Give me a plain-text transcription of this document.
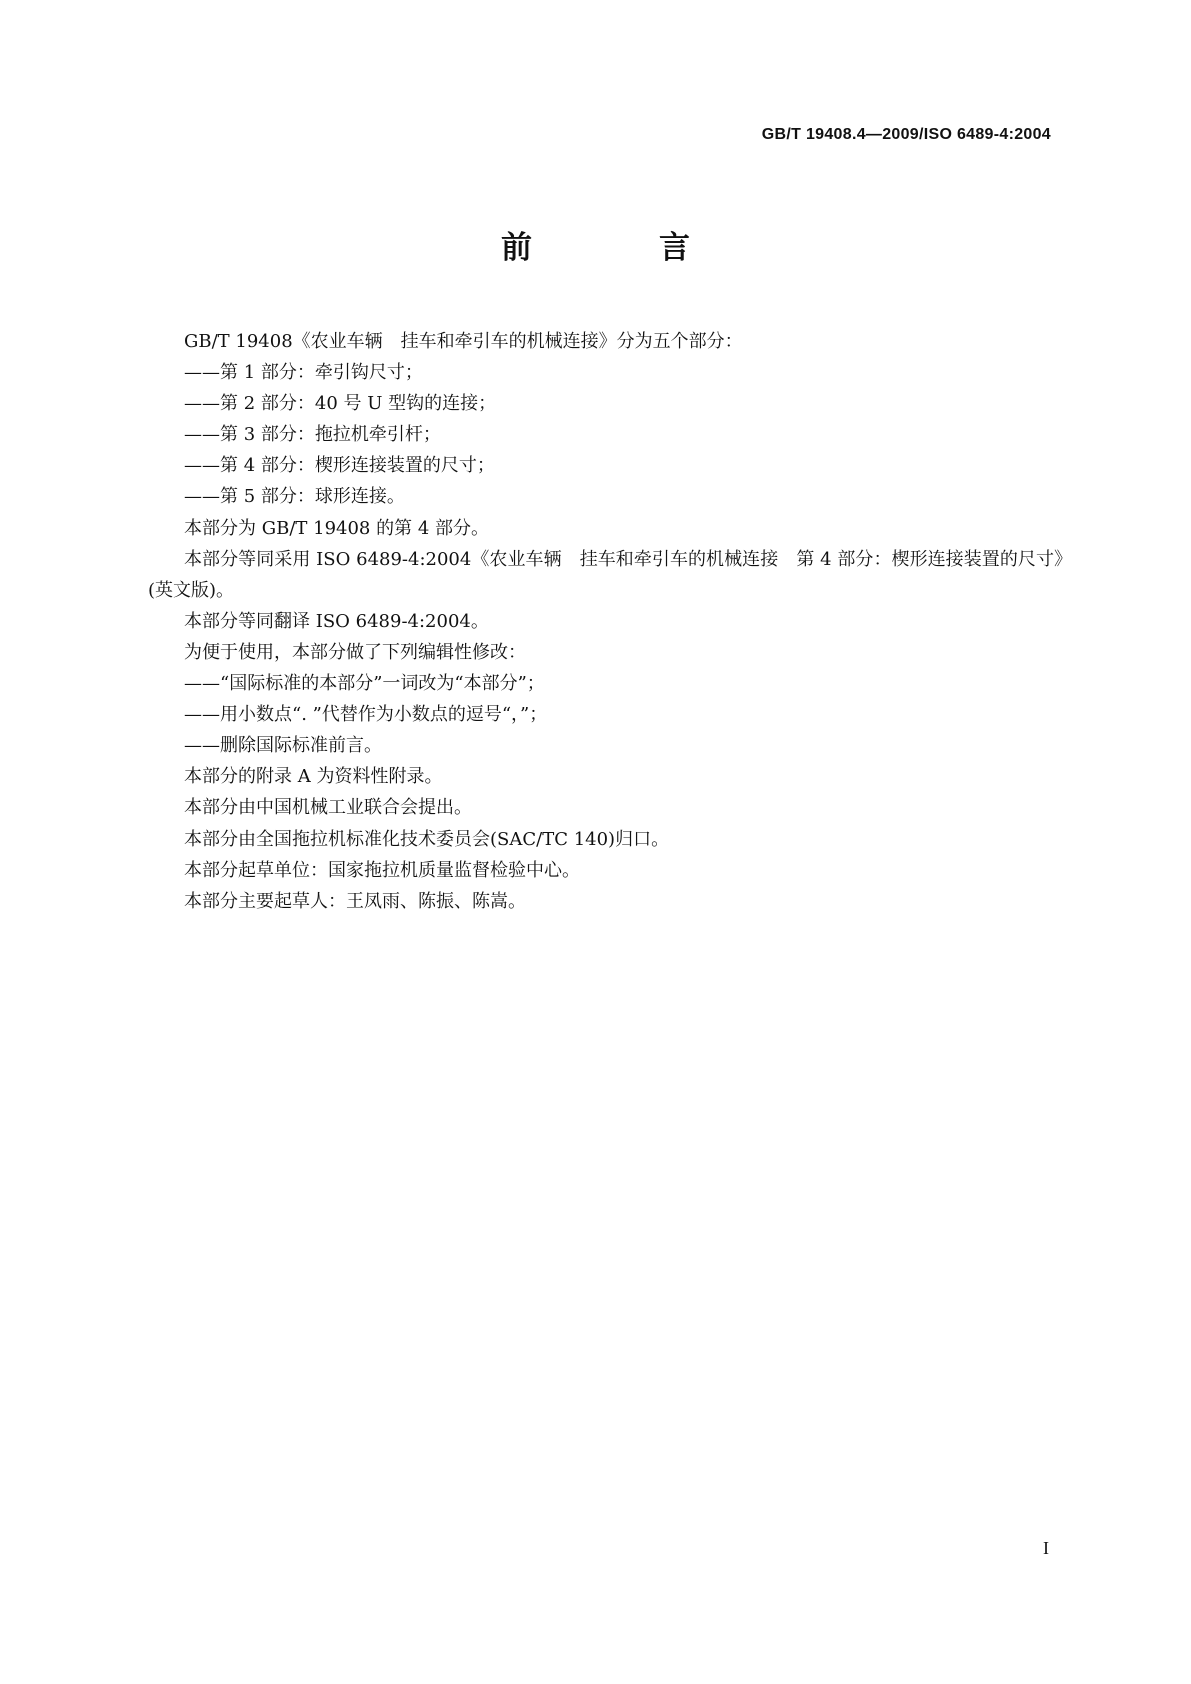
GB/T 19408.4—2009/ISO 6489-4:2004
前　言

GB/T 19408《农业车辆　挂车和牵引车的机械连接》分为五个部分：

——第 1 部分：牵引钩尺寸；

——第 2 部分：40 号 U 型钩的连接；

——第 3 部分：拖拉机牵引杆；

——第 4 部分：楔形连接装置的尺寸；

——第 5 部分：球形连接。

本部分为 GB/T 19408 的第 4 部分。

本部分等同采用 ISO 6489-4:2004《农业车辆　挂车和牵引车的机械连接　第 4 部分：楔形连接装置的尺寸》(英文版)。

本部分等同翻译 ISO 6489-4:2004。

为便于使用，本部分做了下列编辑性修改：

——“国际标准的本部分”一词改为“本部分”；

——用小数点“. ”代替作为小数点的逗号“，”；

——删除国际标准前言。

本部分的附录 A 为资料性附录。

本部分由中国机械工业联合会提出。

本部分由全国拖拉机标准化技术委员会(SAC/TC 140)归口。

本部分起草单位：国家拖拉机质量监督检验中心。

本部分主要起草人：王凤雨、陈振、陈嵩。

I
